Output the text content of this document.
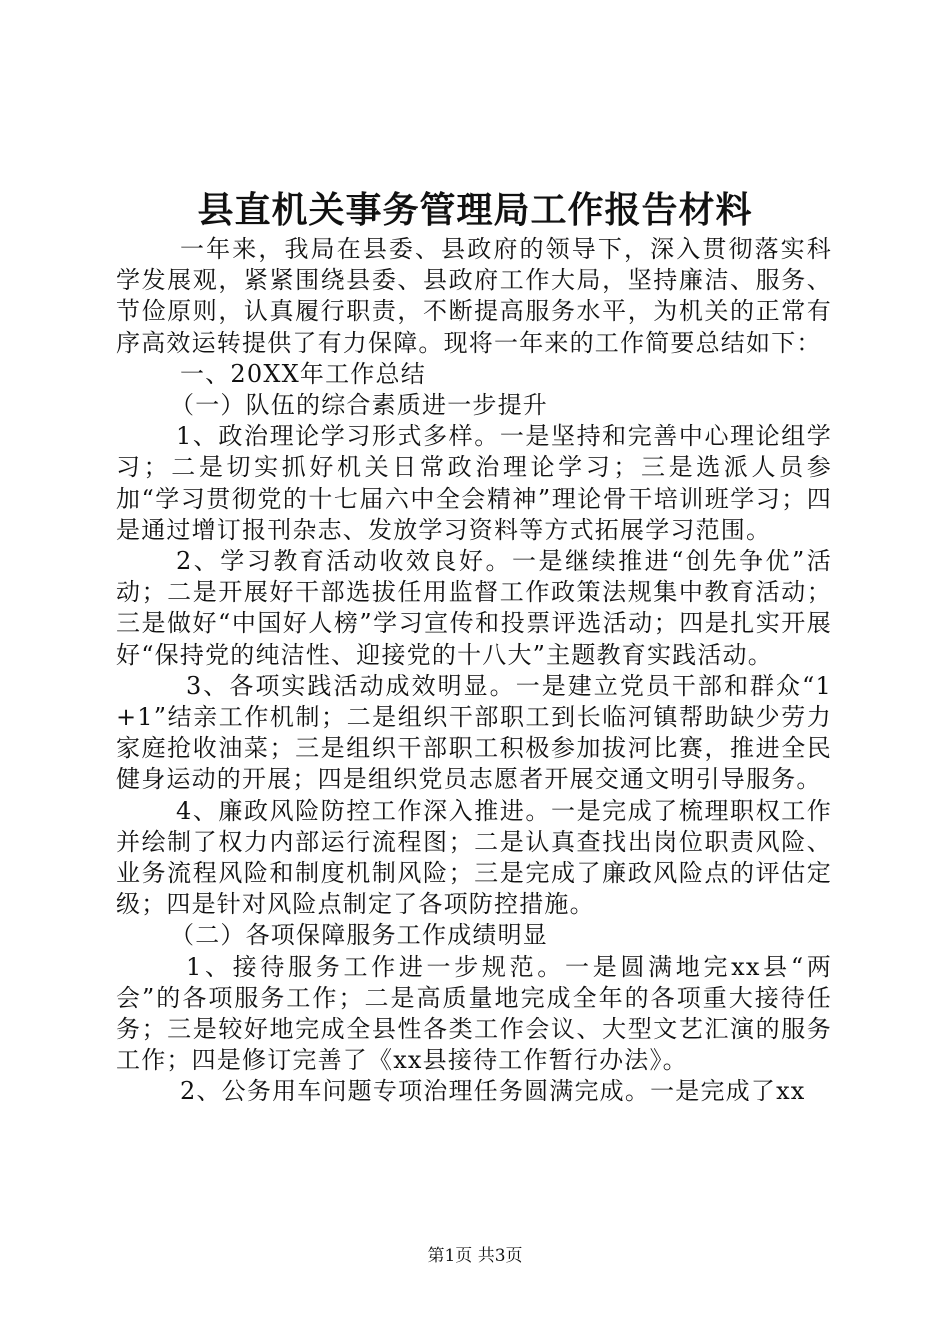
县直机关事务管理局工作报告材料

一年来，我局在县委、县政府的领导下，深入贯彻落实科学发展观，紧紧围绕县委、县政府工作大局，坚持廉洁、服务、节俭原则，认真履行职责，不断提高服务水平，为机关的正常有序高效运转提供了有力保障。现将一年来的工作简要总结如下：

一、20XX年工作总结

（一）队伍的综合素质进一步提升

1、政治理论学习形式多样。一是坚持和完善中心理论组学习；二是切实抓好机关日常政治理论学习；三是选派人员参加“学习贯彻党的十七届六中全会精神”理论骨干培训班学习；四是通过增订报刊杂志、发放学习资料等方式拓展学习范围。

2、学习教育活动收效良好。一是继续推进“创先争优”活动；二是开展好干部选拔任用监督工作政策法规集中教育活动；三是做好“中国好人榜”学习宣传和投票评选活动；四是扎实开展好“保持党的纯洁性、迎接党的十八大”主题教育实践活动。

3、各项实践活动成效明显。一是建立党员干部和群众“1+1”结亲工作机制；二是组织干部职工到长临河镇帮助缺少劳力家庭抢收油菜；三是组织干部职工积极参加拔河比赛，推进全民健身运动的开展；四是组织党员志愿者开展交通文明引导服务。

4、廉政风险防控工作深入推进。一是完成了梳理职权工作并绘制了权力内部运行流程图；二是认真查找出岗位职责风险、业务流程风险和制度机制风险；三是完成了廉政风险点的评估定级；四是针对风险点制定了各项防控措施。

（二）各项保障服务工作成绩明显

1、接待服务工作进一步规范。一是圆满地完xx县“两会”的各项服务工作；二是高质量地完成全年的各项重大接待任务；三是较好地完成全县性各类工作会议、大型文艺汇演的服务工作；四是修订完善了《xx县接待工作暂行办法》。

2、公务用车问题专项治理任务圆满完成。一是完成了xx

第1页 共3页
